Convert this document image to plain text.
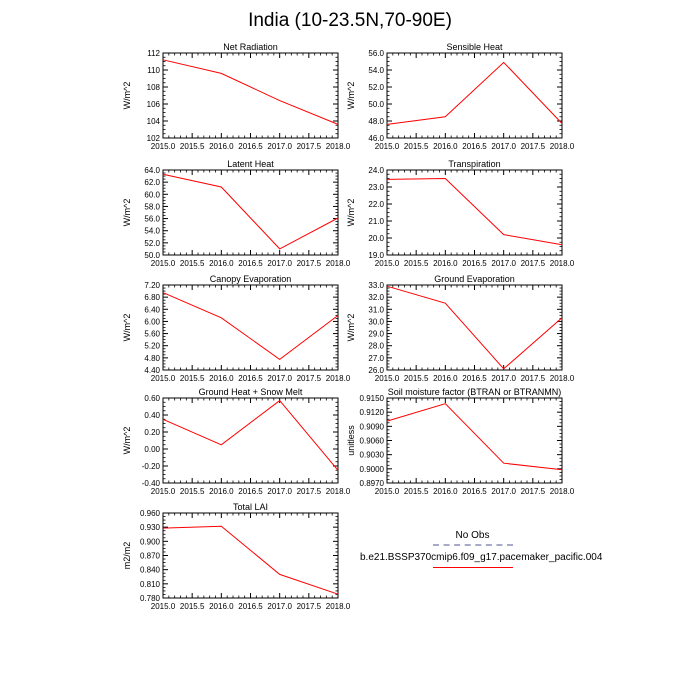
India (10-23.5N,70-90E)
Net Radiation
W/m^2
102
104
106
108
110
112
2015.0 2015.5 2016.0 2016.5 2017.0 2017.5 2018.0
Sensible Heat
W/m^2
46.0
48.0
50.0
52.0
54.0
56.0
2015.0 2015.5 2016.0 2016.5 2017.0 2017.5 2018.0
Latent Heat
W/m^2
50.0
52.0
54.0
56.0
58.0
60.0
62.0
64.0
2015.0 2015.5 2016.0 2016.5 2017.0 2017.5 2018.0
Transpiration
W/m^2
19.0
20.0
21.0
22.0
23.0
24.0
2015.0 2015.5 2016.0 2016.5 2017.0 2017.5 2018.0
Canopy Evaporation
W/m^2
4.40
4.80
5.20
5.60
6.00
6.40
6.80
7.20
2015.0 2015.5 2016.0 2016.5 2017.0 2017.5 2018.0
Ground Evaporation
W/m^2
26.0
27.0
28.0
29.0
30.0
31.0
32.0
33.0
2015.0 2015.5 2016.0 2016.5 2017.0 2017.5 2018.0
Ground Heat + Snow Melt
W/m^2
-0.40
-0.20
0.00
0.20
0.40
0.60
2015.0 2015.5 2016.0 2016.5 2017.0 2017.5 2018.0
Soil moisture factor (BTRAN or BTRANMN)
unitless
0.8970
0.9000
0.9030
0.9060
0.9090
0.9120
0.9150
2015.0 2015.5 2016.0 2016.5 2017.0 2017.5 2018.0
Total LAI
m2/m2
0.780
0.810
0.840
0.870
0.900
0.930
0.960
2015.0 2015.5 2016.0 2016.5 2017.0 2017.5 2018.0
No Obs
b.e21.BSSP370cmip6.f09_g17.pacemaker_pacific.004
